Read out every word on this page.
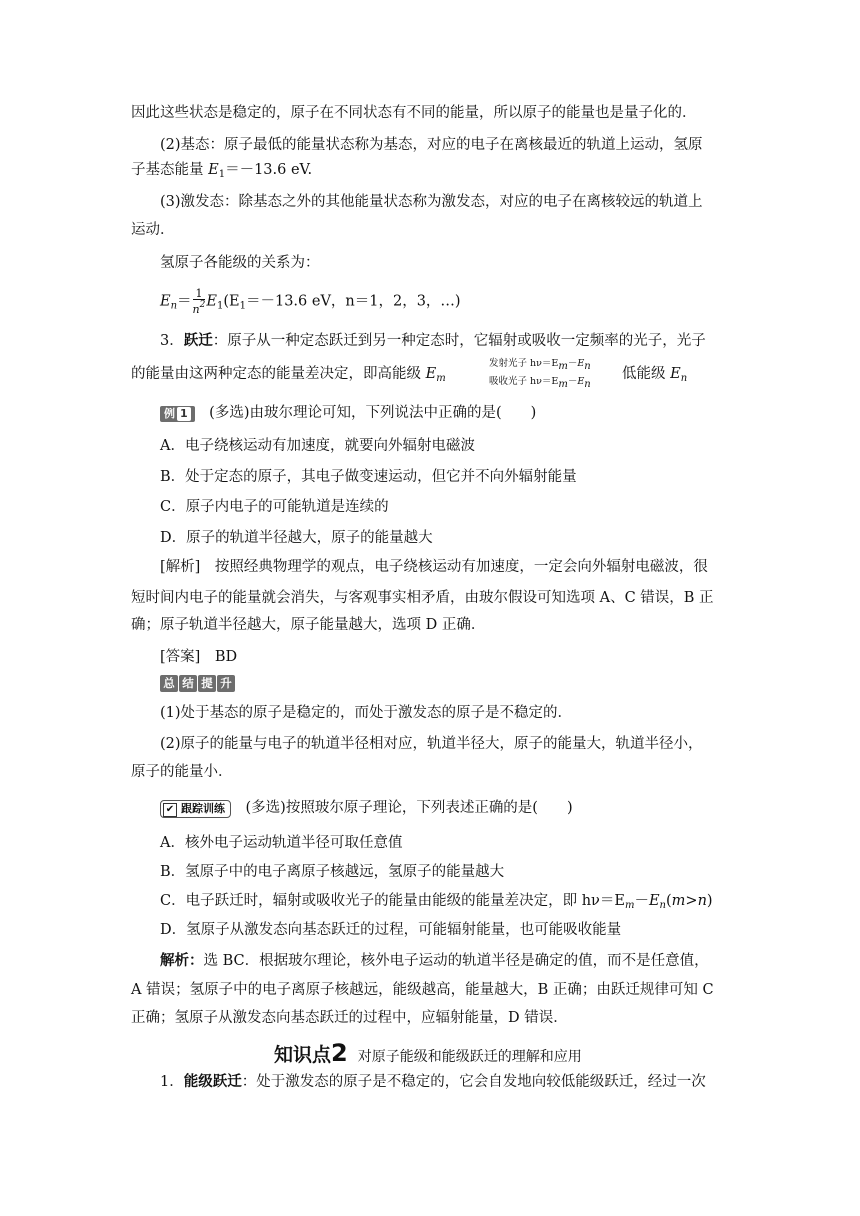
因此这些状态是稳定的，原子在不同状态有不同的能量，所以原子的能量也是量子化的．
(2)基态：原子最低的能量状态称为基态，对应的电子在离核最近的轨道上运动，氢原
子基态能量 $E_1=-13.6$ eV.
(3)激发态：除基态之外的其他能量状态称为激发态，对应的电子在离核较远的轨道上
运动．
氢原子各能级的关系为：
$E_n= \frac{1}{n^2} E_1(E_1=-13.6$ eV，n＝1，2，3，…)
3．跃迁：原子从一种定态跃迁到另一种定态时，它辐射或吸收一定频率的光子，光子
的能量由这两种定态的能量差决定，即高能级 $E_m$
发射光子 hν＝Em－En
吸收光子 hν＝Em－En
低能级 $E_n$
例 1　 (多选)由玻尔理论可知，下列说法中正确的是(　　)
A．电子绕核运动有加速度，就要向外辐射电磁波
B．处于定态的原子，其电子做变速运动，但它并不向外辐射能量
C．原子内电子的可能轨道是连续的
D．原子的轨道半径越大，原子的能量越大
[解析]　按照经典物理学的观点，电子绕核运动有加速度，一定会向外辐射电磁波，很
短时间内电子的能量就会消失，与客观事实相矛盾，由玻尔假设可知选项 A、C 错误，B 正
确；原子轨道半径越大，原子能量越大，选项 D 正确．
[答案]　BD
总 结 提 升
(1)处于基态的原子是稳定的，而处于激发态的原子是不稳定的．
(2)原子的能量与电子的轨道半径相对应，轨道半径大，原子的能量大，轨道半径小，
原子的能量小．
✔ 跟踪训练　 (多选)按照玻尔原子理论，下列表述正确的是(　　)
A．核外电子运动轨道半径可取任意值
B．氢原子中的电子离原子核越远，氢原子的能量越大
C．电子跃迁时，辐射或吸收光子的能量由能级的能量差决定，即 $h\nu=E_m-E_n(m>n)$
D．氢原子从激发态向基态跃迁的过程，可能辐射能量，也可能吸收能量
解析：选 BC．根据玻尔理论，核外电子运动的轨道半径是确定的值，而不是任意值，
A 错误；氢原子中的电子离原子核越远，能级越高，能量越大，B 正确；由跃迁规律可知 C
正确；氢原子从激发态向基态跃迁的过程中，应辐射能量，D 错误．
知识点2 对原子能级和能级跃迁的理解和应用
1．能级跃迁：处于激发态的原子是不稳定的，它会自发地向较低能级跃迁，经过一次
